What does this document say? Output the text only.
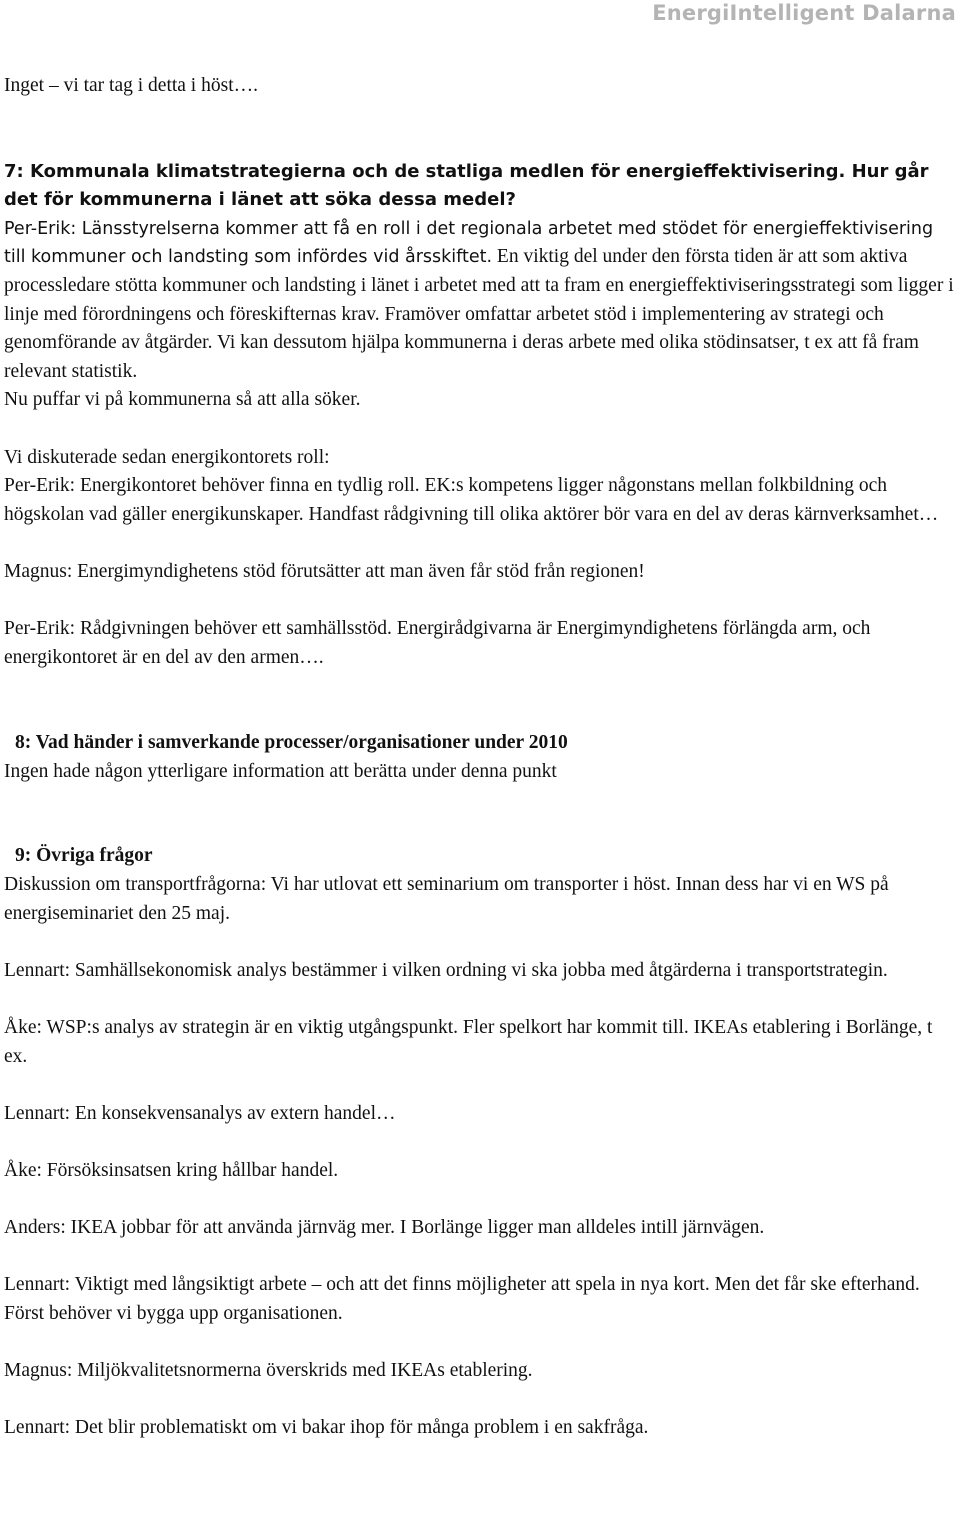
EnergiIntelligent Dalarna

Inget – vi tar tag i detta i höst….

7: Kommunala klimatstrategierna och de statliga medlen för energieffektivisering. Hur går det för kommunerna i länet att söka dessa medel?

Per-Erik: Länsstyrelserna kommer att få en roll i det regionala arbetet med stödet för energieffektivisering till kommuner och landsting som infördes vid årsskiftet. En viktig del under den första tiden är att som aktiva processledare stötta kommuner och landsting i länet i arbetet med att ta fram en energieffektiviseringsstrategi som ligger i linje med förordningens och föreskifternas krav. Framöver omfattar arbetet stöd i implementering av strategi och genomförande av åtgärder. Vi kan dessutom hjälpa kommunerna i deras arbete med olika stödinsatser, t ex att få fram relevant statistik.

Nu puffar vi på kommunerna så att alla söker.

Vi diskuterade sedan energikontorets roll:

Per-Erik: Energikontoret behöver finna en tydlig roll. EK:s kompetens ligger någonstans mellan folkbildning och högskolan vad gäller energikunskaper. Handfast rådgivning till olika aktörer bör vara en del av deras kärnverksamhet…

Magnus: Energimyndighetens stöd förutsätter att man även får stöd från regionen!

Per-Erik: Rådgivningen behöver ett samhällsstöd. Energirådgivarna är Energimyndighetens förlängda arm, och energikontoret är en del av den armen….

8: Vad händer i samverkande processer/organisationer under 2010

Ingen hade någon ytterligare information att berätta under denna punkt

9: Övriga frågor

Diskussion om transportfrågorna: Vi har utlovat ett seminarium om transporter i höst. Innan dess har vi en WS på energiseminariet den 25 maj.

Lennart: Samhällsekonomisk analys bestämmer i vilken ordning vi ska jobba med åtgärderna i transportstrategin.

Åke: WSP:s analys av strategin är en viktig utgångspunkt. Fler spelkort har kommit till. IKEAs etablering i Borlänge, t ex.

Lennart: En konsekvensanalys av extern handel…

Åke: Försöksinsatsen kring hållbar handel.

Anders: IKEA jobbar för att använda järnväg mer. I Borlänge ligger man alldeles intill järnvägen.

Lennart: Viktigt med långsiktigt arbete – och att det finns möjligheter att spela in nya kort. Men det får ske efterhand. Först behöver vi bygga upp organisationen.

Magnus: Miljökvalitetsnormerna överskrids med IKEAs etablering.

Lennart: Det blir problematiskt om vi bakar ihop för många problem i en sakfråga.
